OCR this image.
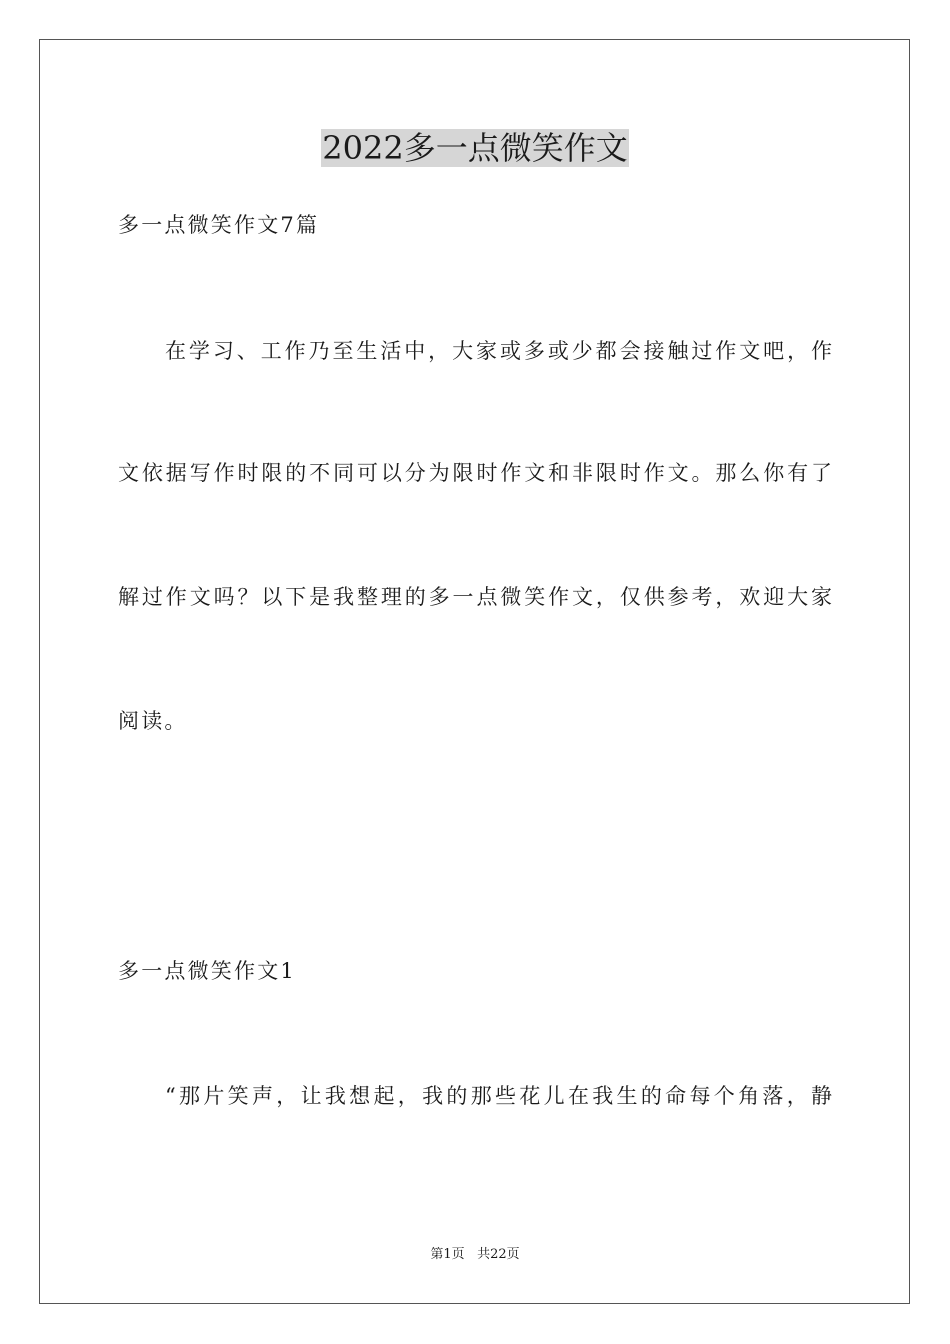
2022多一点微笑作文

多一点微笑作文7篇

在学习、工作乃至生活中，大家或多或少都会接触过作文吧，作

文依据写作时限的不同可以分为限时作文和非限时作文。那么你有了

解过作文吗？以下是我整理的多一点微笑作文，仅供参考，欢迎大家

阅读。

多一点微笑作文1

“那片笑声，让我想起，我的那些花儿在我生的命每个角落，静

第1页 共22页
